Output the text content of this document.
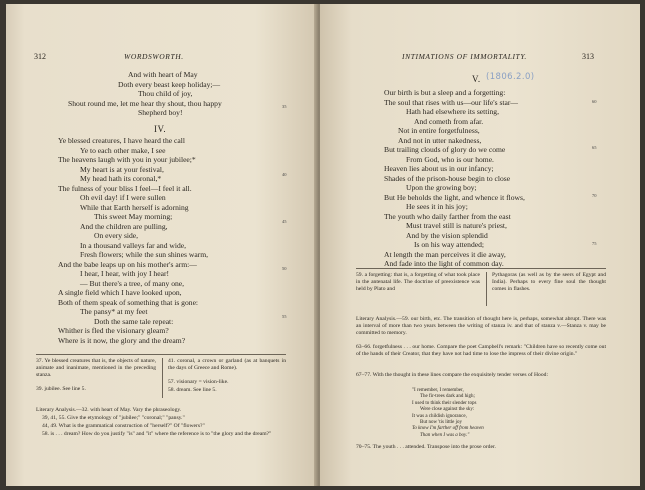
312	WORDSWORTH.
And with heart of May
Doth every beast keep holiday;—
Thou child of joy,
Shout round me, let me hear thy shout, thou happy
Shepherd boy!
IV.
Ye blessed creatures, I have heard the call
Ye to each other make, I see
The heavens laugh with you in your jubilee;*
My heart is at your festival,
My head hath its coronal,*
The fulness of your bliss I feel—I feel it all.
Oh evil day! if I were sullen
While that Earth herself is adorning
This sweet May morning;
And the children are pulling,
On every side,
In a thousand valleys far and wide,
Fresh flowers; while the sun shines warm,
And the babe leaps up on his mother's arm:—
I hear, I hear, with joy I hear!
— But there's a tree, of many one,
A single field which I have looked upon,
Both of them speak of something that is gone:
The pansy* at my feet
Doth the same tale repeat:
Whither is fled the visionary gleam?
Where is it now, the glory and the dream?
35
40
45
50
55
37. Ye blessed creatures that is, the objects of nature, animate and inanimate, mentioned in the preceding stanza.
39. jubilee. See line 5.
41. coronal, a crown or garland (as at banquets in the days of Greece and Rome).
57. visionary = vision-like.
58. dream. See line 5.
Literary Analysis.—32. with heart of May. Vary the phraseology.
39, 41, 55. Give the etymology of "jubilee;" "coronal;" "pansy."
44, 49. What is the grammatical construction of "herself?" Of "flowers?"
58. is . . . dream? How do you justify "is" and "it" where the reference is to "the glory and the dream?"
INTIMATIONS OF IMMORTALITY.	313
V. (1806.2.0)
Our birth is but a sleep and a forgetting:
The soul that rises with us—our life's star—
Hath had elsewhere its setting,
And cometh from afar.
Not in entire forgetfulness,
And not in utter nakedness,
But trailing clouds of glory do we come
From God, who is our home.
Heaven lies about us in our infancy;
Shades of the prison-house begin to close
Upon the growing boy;
But He beholds the light, and whence it flows,
He sees it in his joy;
The youth who daily farther from the east
Must travel still is nature's priest,
And by the vision splendid
Is on his way attended;
At length the man perceives it die away,
And fade into the light of common day.
60
65
70
75
59. a forgetting: that is, a forgetting of what took place in the antenatal life. The doctrine of preexistence was held by Plato and
Pythagoras (as well as by the seers of Egypt and India). Perhaps to every fine soul the thought comes in flashes.
Literary Analysis.—59. our birth, etc. The transition of thought here is, perhaps, somewhat abrupt. There was an interval of more than two years between the writing of stanza iv. and that of stanza v.—Stanza v. may be committed to memory.
63–66. forgetfulness . . . our home. Compare the poet Campbell's remark: "Children have so recently come out of the hands of their Creator, that they have not had time to lose the impress of their divine origin."
67–77. With the thought in these lines compare the exquisitely tender verses of Hood:
"I remember, I remember,
The fir-trees dark and high;
I used to think their slender tops
Were close against the sky:
It was a childish ignorance,
But now 'tis little joy
To know I'm farther off from heaven
Than when I was a boy."
70–75. The youth . . . attended. Transpose into the prose order.
